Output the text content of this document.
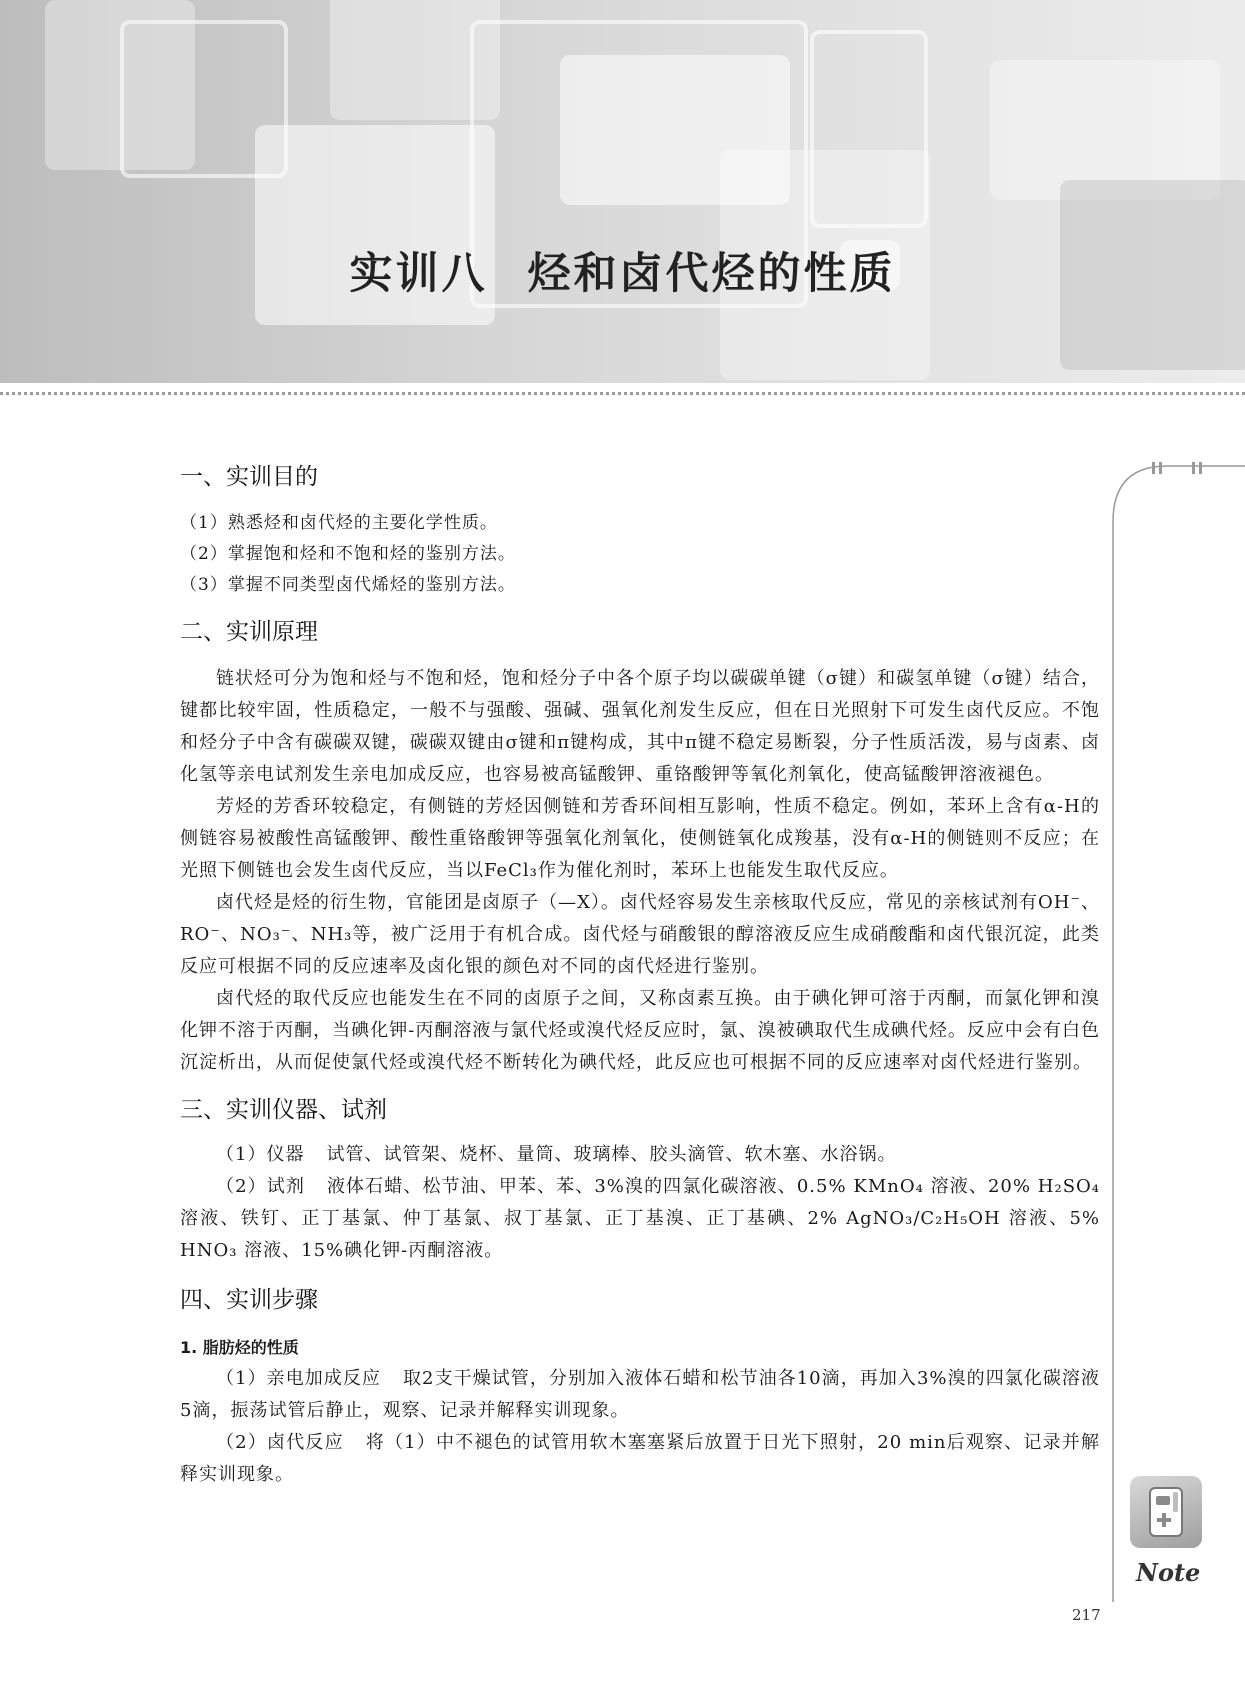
实训八 烃和卤代烃的性质
Note
一、实训目的
（1）熟悉烃和卤代烃的主要化学性质。
（2）掌握饱和烃和不饱和烃的鉴别方法。
（3）掌握不同类型卤代烯烃的鉴别方法。
二、实训原理

链状烃可分为饱和烃与不饱和烃，饱和烃分子中各个原子均以碳碳单键（σ键）和碳氢单键（σ键）结合，键都比较牢固，性质稳定，一般不与强酸、强碱、强氧化剂发生反应，但在日光照射下可发生卤代反应。不饱和烃分子中含有碳碳双键，碳碳双键由σ键和π键构成，其中π键不稳定易断裂，分子性质活泼，易与卤素、卤化氢等亲电试剂发生亲电加成反应，也容易被高锰酸钾、重铬酸钾等氧化剂氧化，使高锰酸钾溶液褪色。

芳烃的芳香环较稳定，有侧链的芳烃因侧链和芳香环间相互影响，性质不稳定。例如，苯环上含有α-H的侧链容易被酸性高锰酸钾、酸性重铬酸钾等强氧化剂氧化，使侧链氧化成羧基，没有α-H的侧链则不反应；在光照下侧链也会发生卤代反应，当以FeCl₃作为催化剂时，苯环上也能发生取代反应。

卤代烃是烃的衍生物，官能团是卤原子（—X）。卤代烃容易发生亲核取代反应，常见的亲核试剂有OH⁻、RO⁻、NO₃⁻、NH₃等，被广泛用于有机合成。卤代烃与硝酸银的醇溶液反应生成硝酸酯和卤代银沉淀，此类反应可根据不同的反应速率及卤化银的颜色对不同的卤代烃进行鉴别。

卤代烃的取代反应也能发生在不同的卤原子之间，又称卤素互换。由于碘化钾可溶于丙酮，而氯化钾和溴化钾不溶于丙酮，当碘化钾-丙酮溶液与氯代烃或溴代烃反应时，氯、溴被碘取代生成碘代烃。反应中会有白色沉淀析出，从而促使氯代烃或溴代烃不断转化为碘代烃，此反应也可根据不同的反应速率对卤代烃进行鉴别。

三、实训仪器、试剂

（1）仪器 试管、试管架、烧杯、量筒、玻璃棒、胶头滴管、软木塞、水浴锅。

（2）试剂 液体石蜡、松节油、甲苯、苯、3%溴的四氯化碳溶液、0.5% KMnO₄ 溶液、20% H₂SO₄ 溶液、铁钉、正丁基氯、仲丁基氯、叔丁基氯、正丁基溴、正丁基碘、2% AgNO₃/C₂H₅OH 溶液、5% HNO₃ 溶液、15%碘化钾-丙酮溶液。

四、实训步骤
1. 脂肪烃的性质

（1）亲电加成反应 取2支干燥试管，分别加入液体石蜡和松节油各10滴，再加入3%溴的四氯化碳溶液5滴，振荡试管后静止，观察、记录并解释实训现象。

（2）卤代反应 将（1）中不褪色的试管用软木塞塞紧后放置于日光下照射，20 min后观察、记录并解释实训现象。

217
